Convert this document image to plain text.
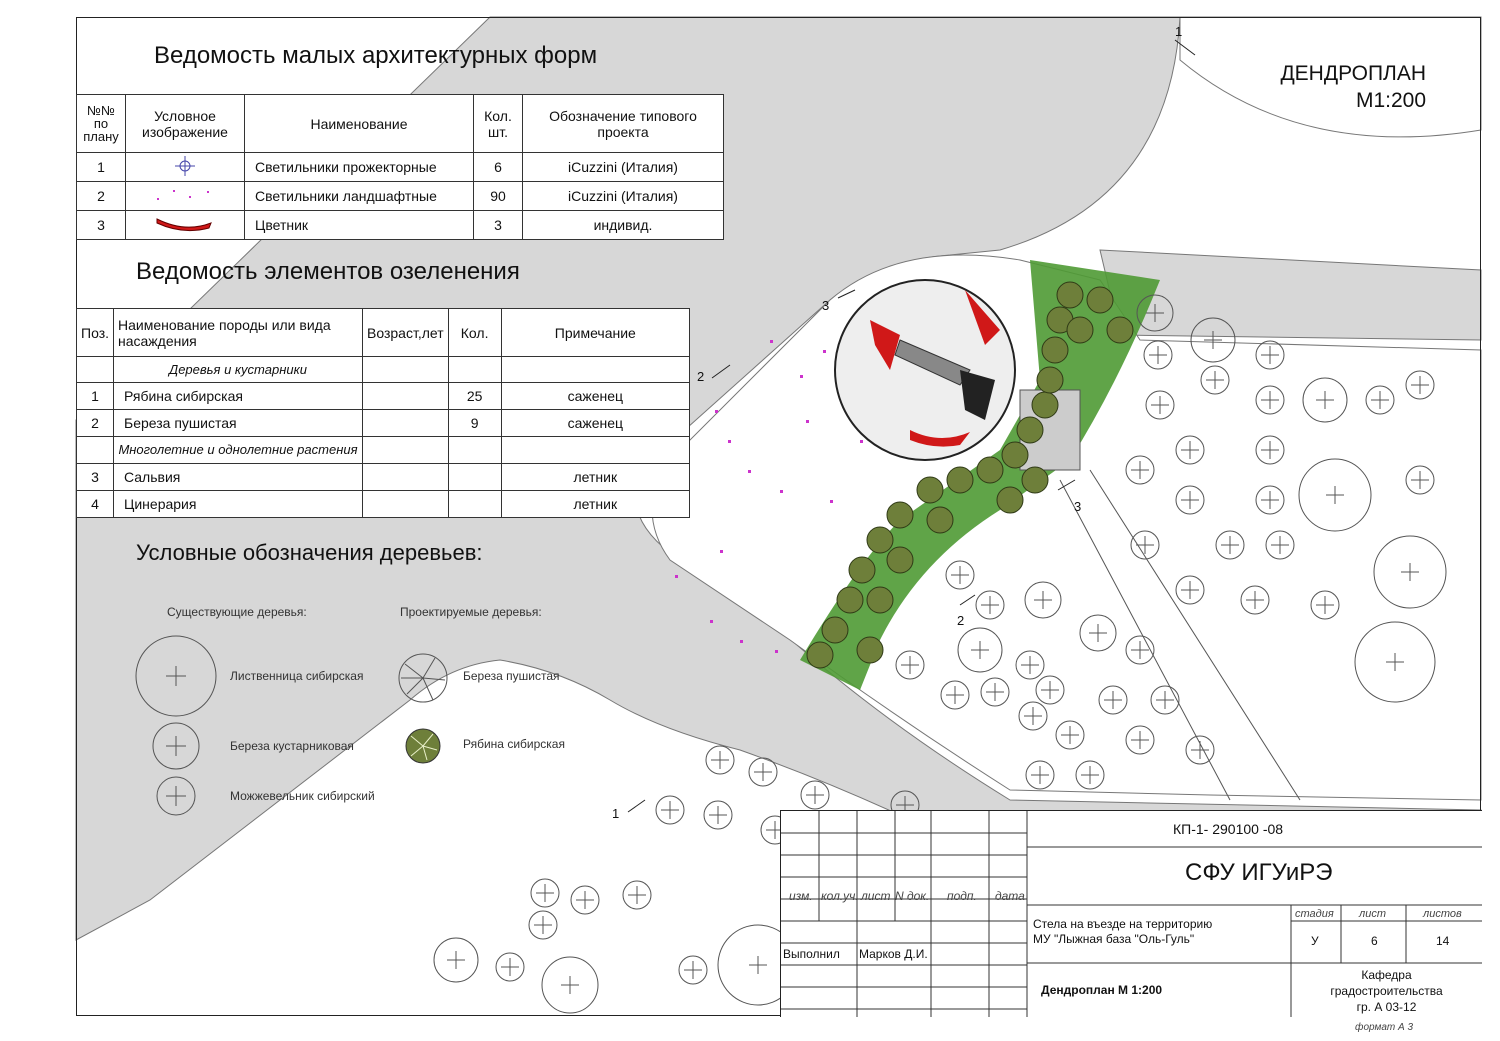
1
1
2
2
3
3
ДЕНДРОПЛАН
М1:200
Ведомость малых архитектурных форм
№№ по плану	Условное изображение	Наименование	Кол. шт.	Обозначение типового проекта
1		Светильники прожекторные	6	iCuzzini (Италия)
2		Светильники ландшафтные	90	iCuzzini (Италия)
3		Цветник	3	индивид.
Ведомость элементов озеленения
Поз.	Наименование породы или вида насаждения	Возраст,лет	Кол.	Примечание
	Деревья и кустарники			
1	Рябина сибирская		25	саженец
2	Береза пушистая		9	саженец
	Многолетние и однолетние растения			
3	Сальвия			летник
4	Цинерария			летник
Условные обозначения деревьев:
Существующие деревья:	Проектируемые деревья:
Лиственница сибирская
Береза кустарниковая
Можжевельник сибирский
Береза пушистая
Рябина сибирская
КП-1- 290100 -08
СФУ ИГУиРЭ
изм. кол.уч. лист N док. подп. дата
Выполнил Марков Д.И.
Стела на въезде на территорию
МУ "Лыжная база "Оль-Гуль"
стадия лист	листов
У	6	14
Дендроплан М 1:200
Кафедра
градостроительства
гр. А 03-12
формат А 3
